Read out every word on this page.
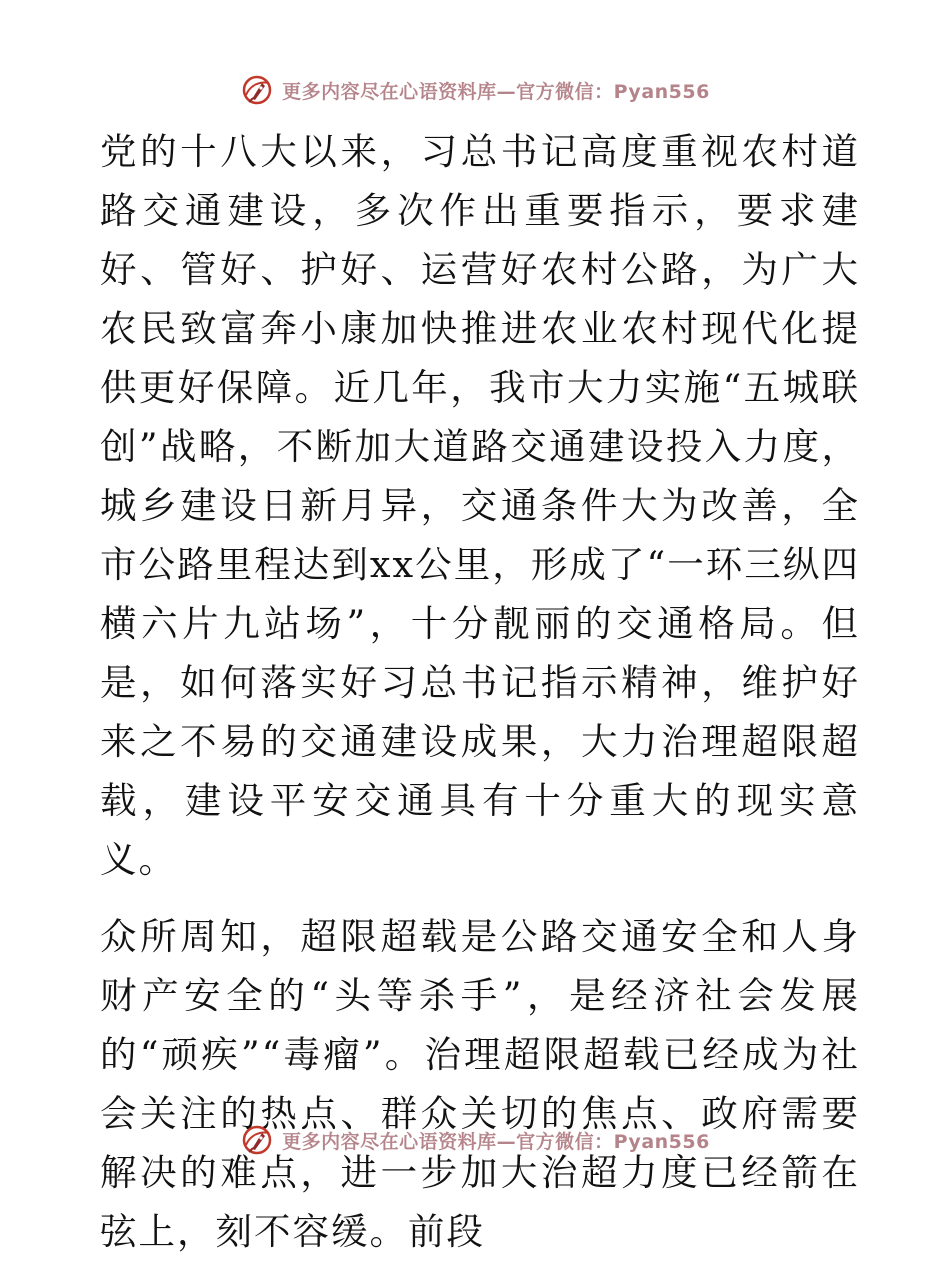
更多内容尽在心语资料库—官方微信：Pyan556

党的十八大以来，习总书记高度重视农村道路交通建设，多次作出重要指示，要求建好、管好、护好、运营好农村公路，为广大农民致富奔小康加快推进农业农村现代化提供更好保障。近几年，我市大力实施“五城联创”战略，不断加大道路交通建设投入力度，城乡建设日新月异，交通条件大为改善，全市公路里程达到xx公里，形成了“一环三纵四横六片九站场”，十分靓丽的交通格局。但是，如何落实好习总书记指示精神，维护好来之不易的交通建设成果，大力治理超限超载，建设平安交通具有十分重大的现实意义。

众所周知，超限超载是公路交通安全和人身财产安全的“头等杀手”，是经济社会发展的“顽疾”“毒瘤”。治理超限超载已经成为社会关注的热点、群众关切的焦点、政府需要解决的难点，进一步加大治超力度已经箭在弦上，刻不容缓。前段

更多内容尽在心语资料库—官方微信：Pyan556
